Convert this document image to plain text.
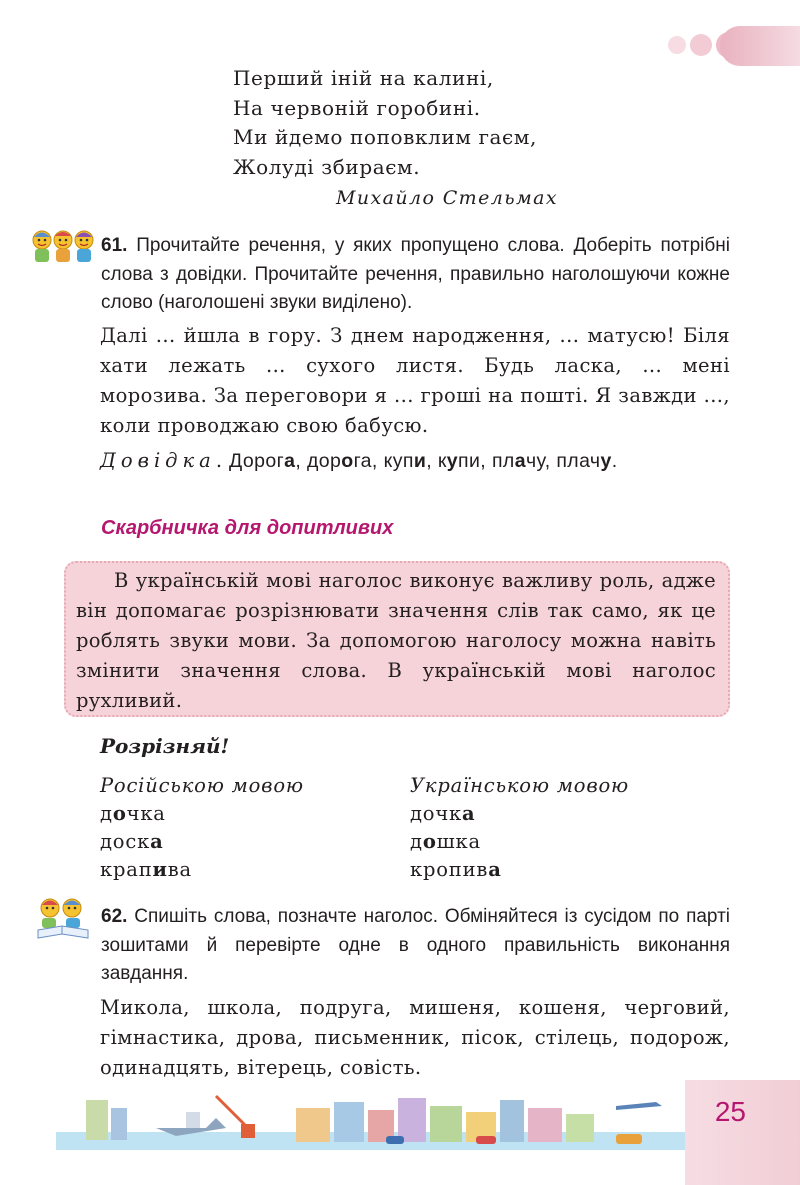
Перший іній на калині,
На червоній горобині.
Ми йдемо поповклим гаєм,
Жолуді збираєм.
Михайло Стельмах
61. Прочитайте речення, у яких пропущено слова. Доберіть потрібні слова з довідки. Прочитайте речення, правильно наголошуючи кожне слово (наголошені звуки виділено).
Далі ... йшла в гору. З днем народження, ... матусю! Біля хати лежать ... сухого листя. Будь ласка, ... мені морозива. За переговори я ... гроші на пошті. Я завжди ..., коли проводжаю свою бабусю.
Довідка. Дорога, дорога, купи, купи, плачу, плачу.
Скарбничка для допитливих
В українській мові наголос виконує важливу роль, адже він допомагає розрізнювати значення слів так само, як це роблять звуки мови. За допомогою наголосу можна навіть змінити значення слова. В українській мові наголос рухливий.
Розрізняй!
Російською мовою
дочка
доска
крапива
Українською мовою
дочка
дошка
кропива
62. Спишіть слова, позначте наголос. Обміняйтеся із сусідом по парті зошитами й перевірте одне в одного правильність виконання завдання.
Микола, школа, подруга, мишеня, кошеня, черговий, гімнастика, дрова, письменник, пісок, стілець, подорож, одинадцять, вітерець, совість.
25
